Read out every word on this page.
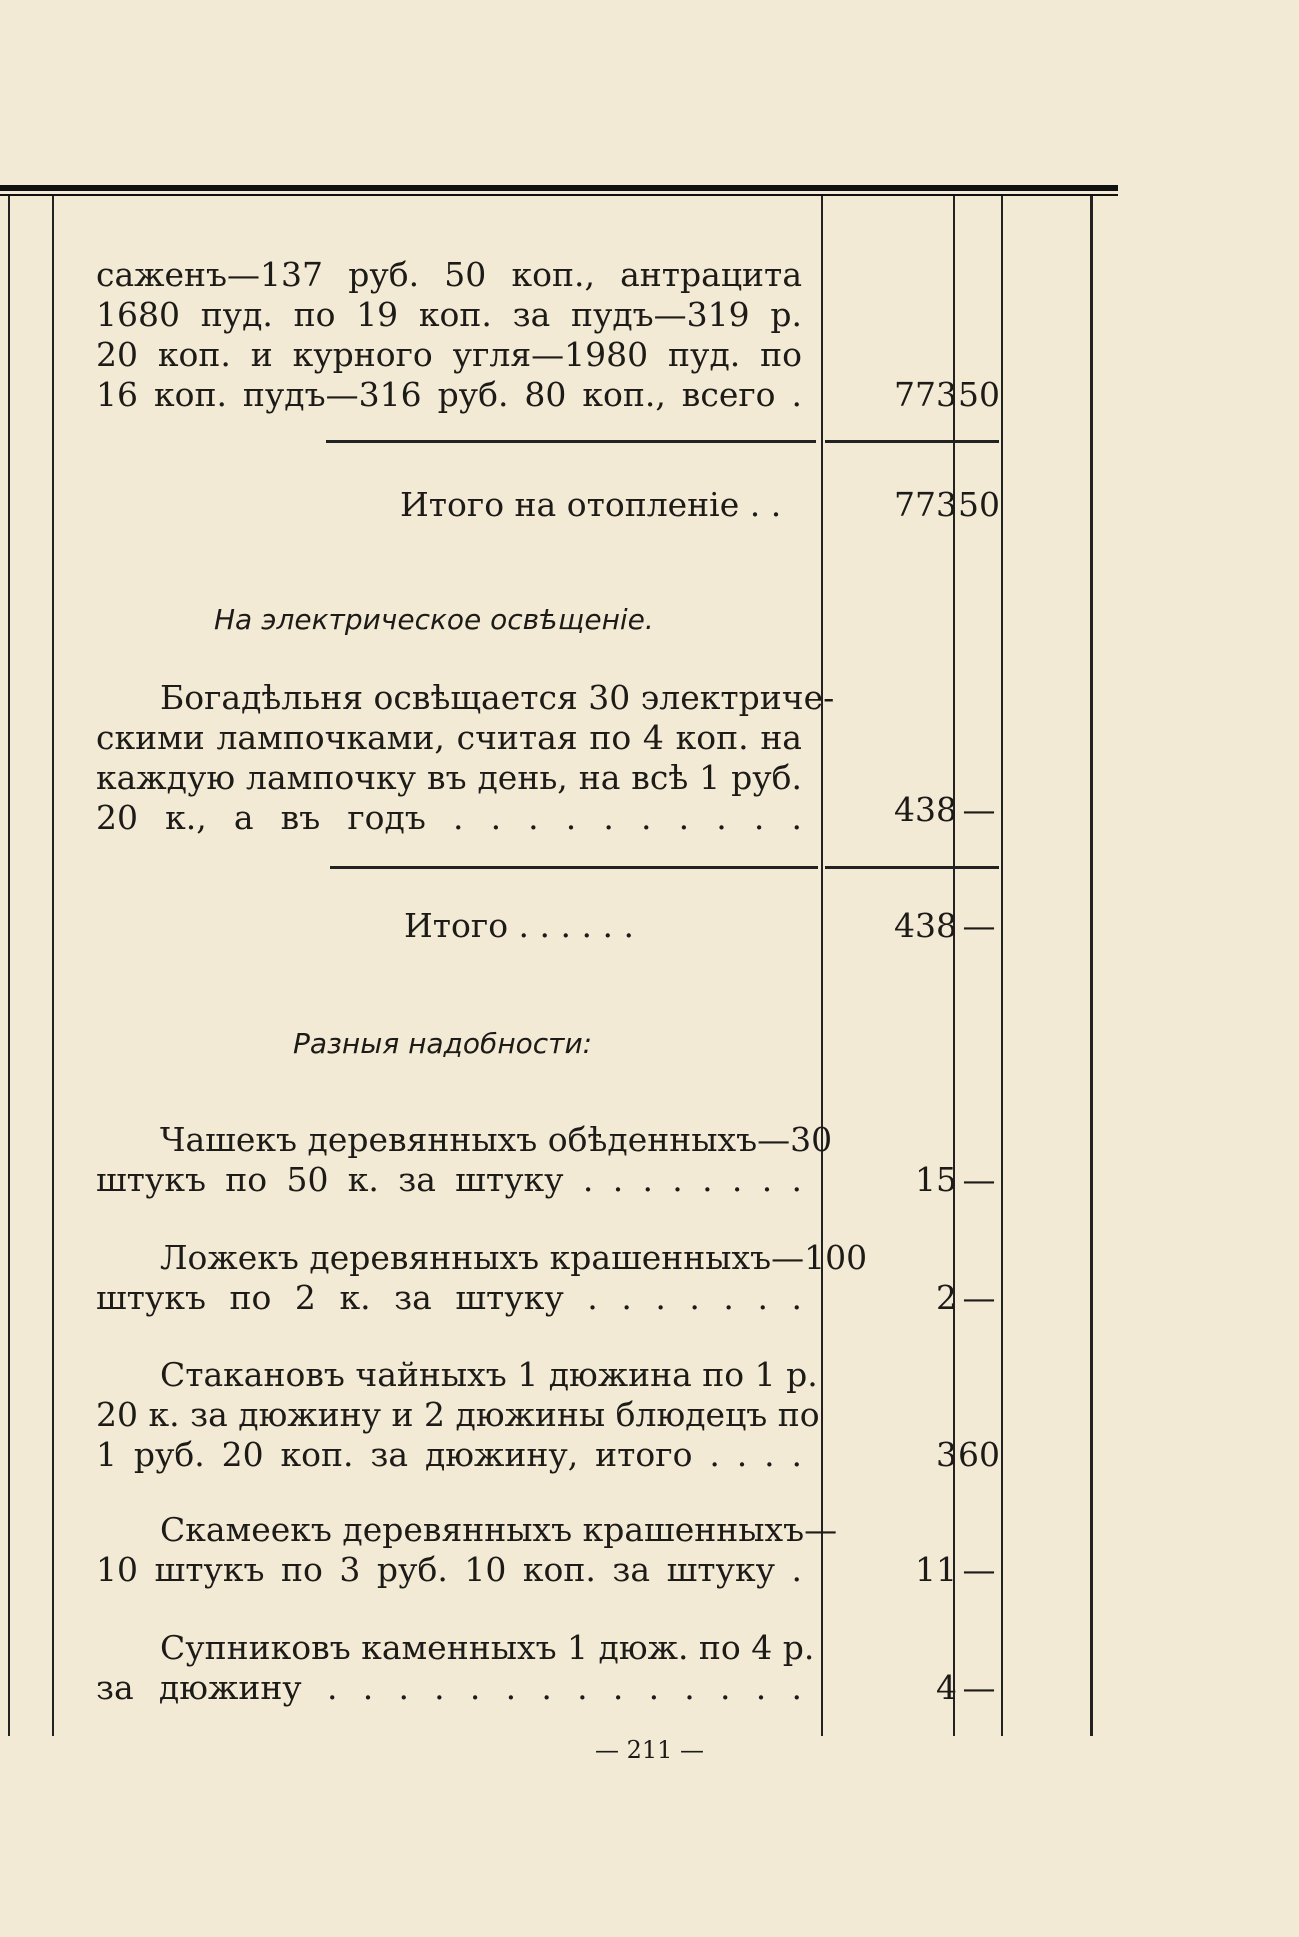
саженъ—137 руб. 50 коп., антрацита
1680 пуд. по 19 коп. за пудъ—319 р.
20 коп. и курного угля—1980 пуд. по
16 коп. пудъ—316 руб. 80 коп., всего .	773 50
Итого на отопленіе . .	773 50
На электрическое освѣщеніе.
Богадѣльня освѣщается 30 электриче-
скими лампочками, считая по 4 коп. на
каждую лампочку въ день, на всѣ 1 руб.
20 к., а въ годъ . . . . . . . . . .	438 —
Итого . . . . . .	438 —
Разныя надобности:
Чашекъ деревянныхъ обѣденныхъ—30
штукъ по 50 к. за штуку . . . . . . . .	15 —
Ложекъ деревянныхъ крашенныхъ—100
штукъ по 2 к. за штуку . . . . . . .	2 —
Стакановъ чайныхъ 1 дюжина по 1 р.
20 к. за дюжину и 2 дюжины блюдецъ по
1 руб. 20 коп. за дюжину, итого . . . .	3 60
Скамеекъ деревянныхъ крашенныхъ—
10 штукъ по 3 руб. 10 коп. за штуку .	11 —
Супниковъ каменныхъ 1 дюж. по 4 р.
за дюжину . . . . . . . . . . . . . .	4 —
— 211 —
